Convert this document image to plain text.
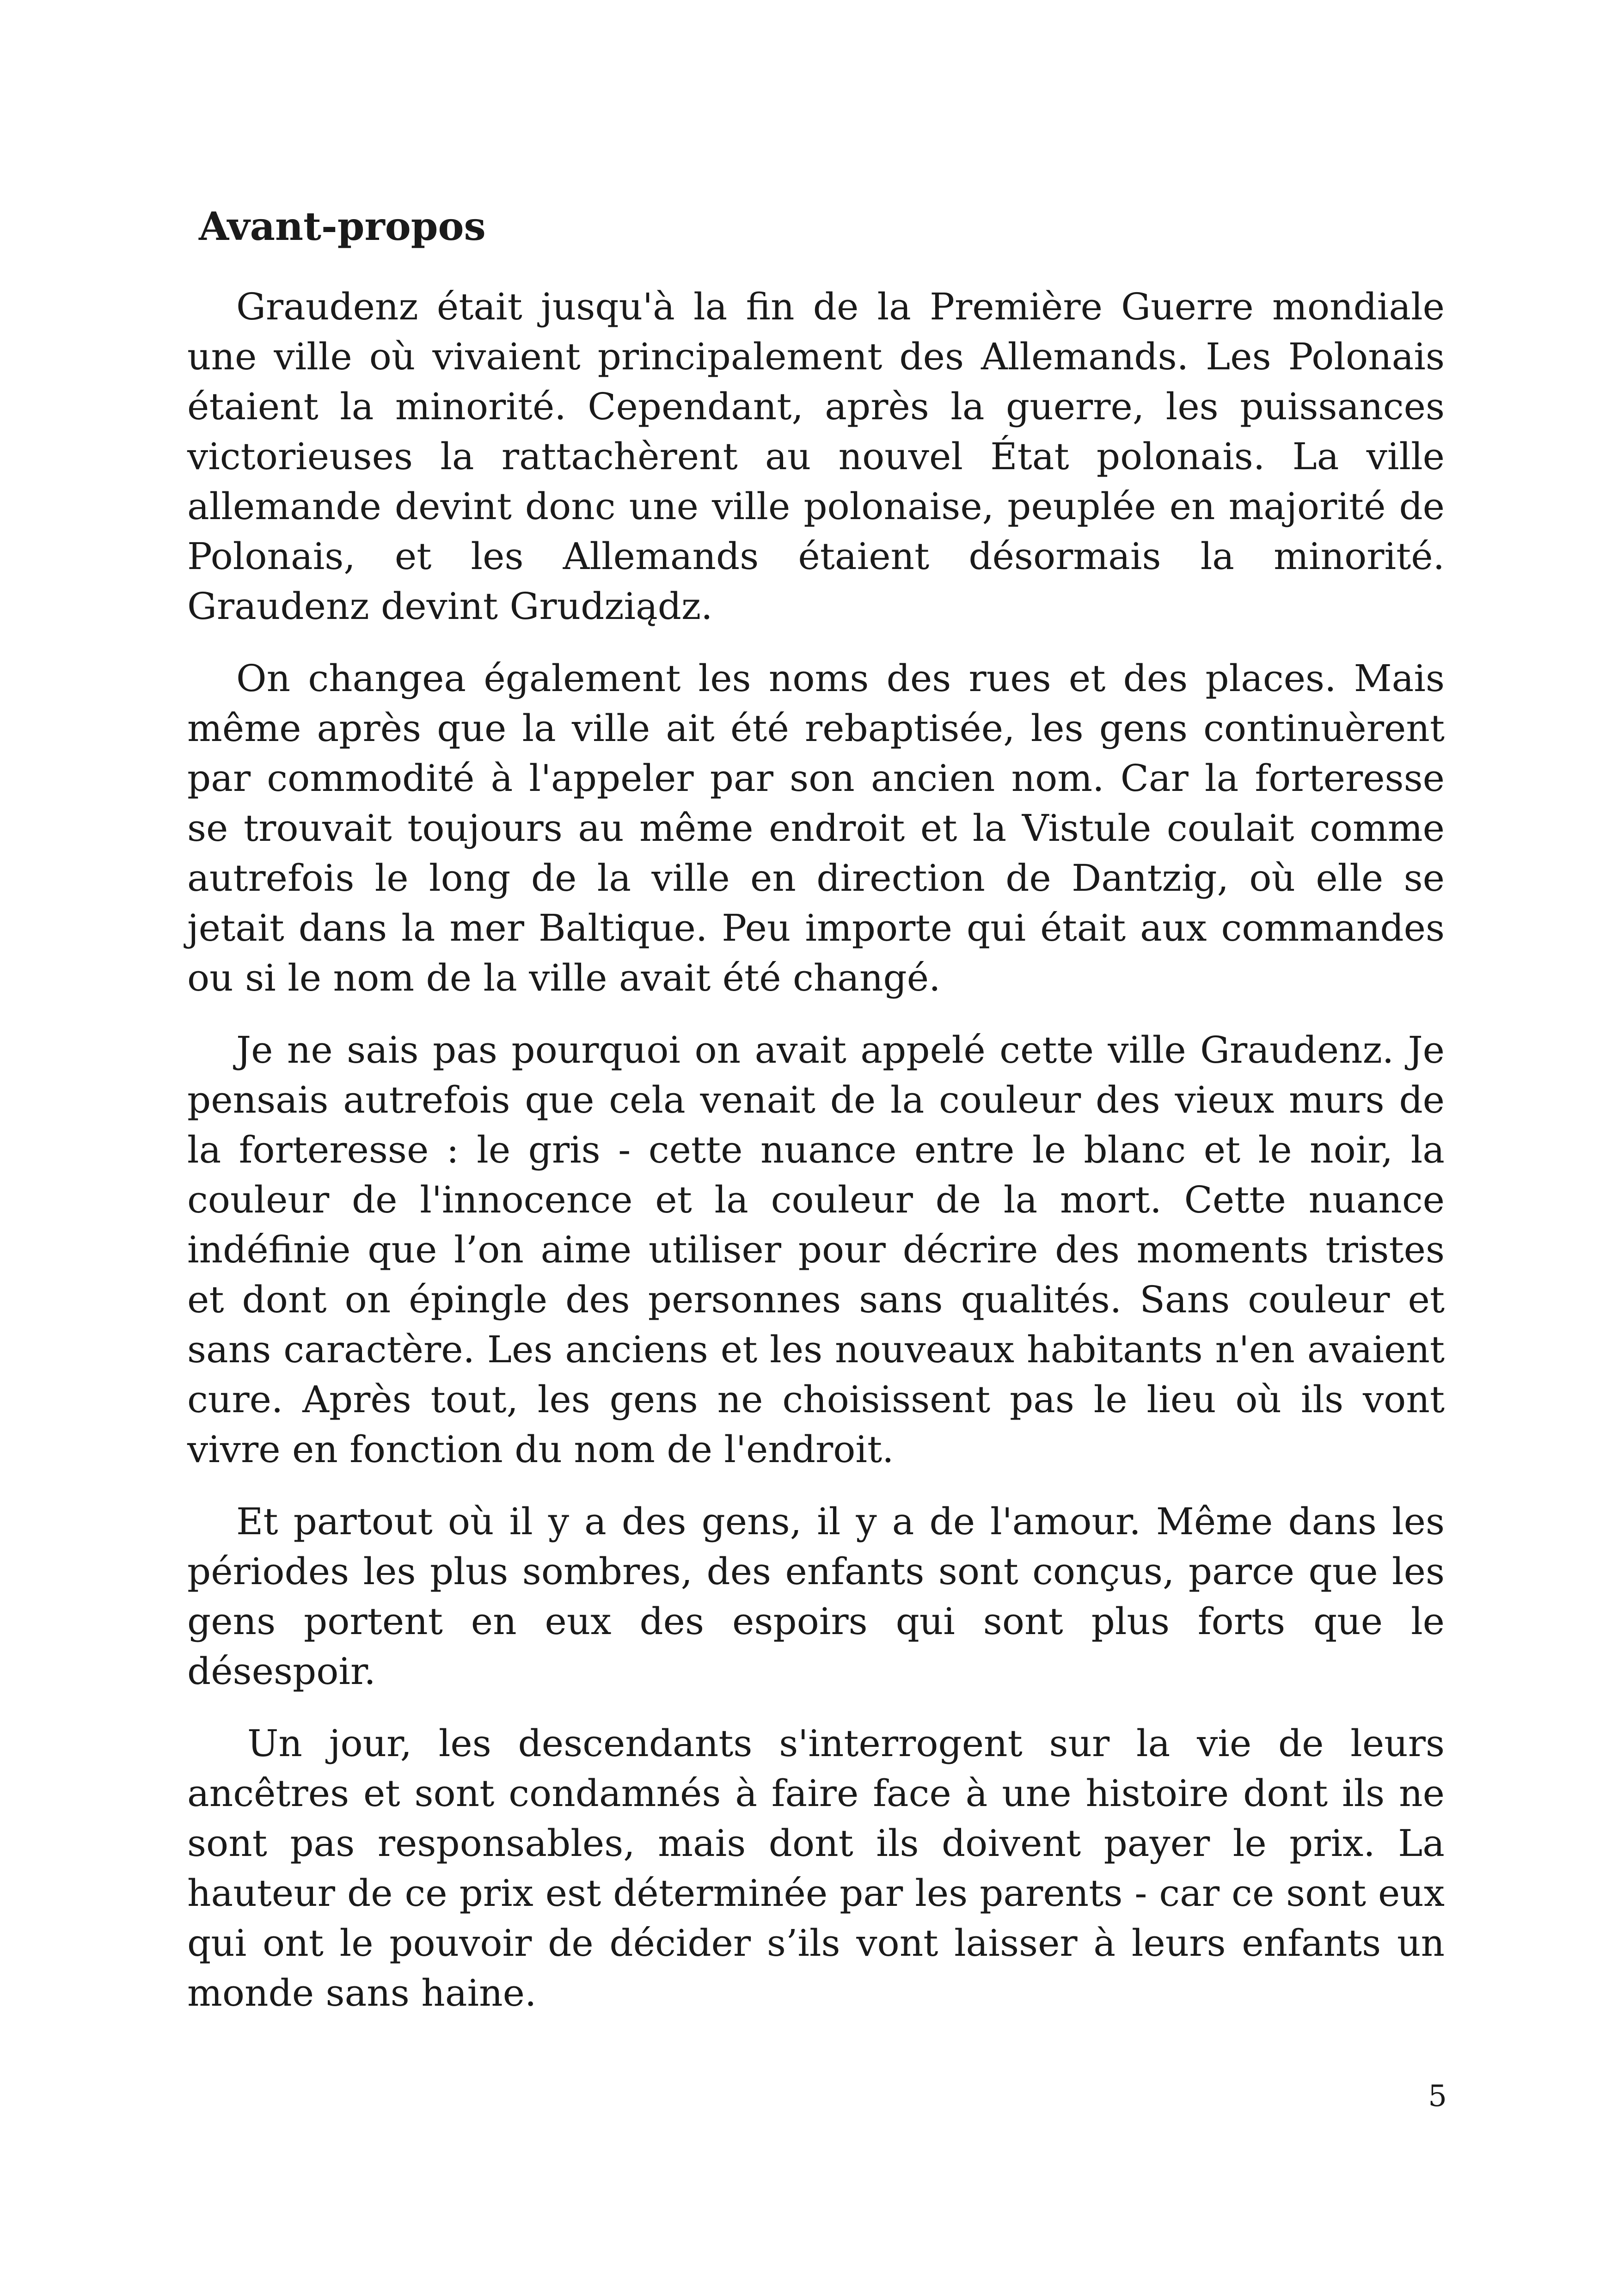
Avant-propos

Graudenz était jusqu'à la fin de la Première Guerre mondiale une ville où vivaient principalement des Allemands. Les Polonais étaient la minorité. Cependant, après la guerre, les puissances victorieuses la rattachèrent au nouvel État polonais. La ville allemande devint donc une ville polonaise, peuplée en majorité de Polonais, et les Allemands étaient désormais la minorité. Graudenz devint Grudziądz.

On changea également les noms des rues et des places. Mais même après que la ville ait été rebaptisée, les gens continuèrent par commodité à l'appeler par son ancien nom. Car la forteresse se trouvait toujours au même endroit et la Vistule coulait comme autrefois le long de la ville en direction de Dantzig, où elle se jetait dans la mer Baltique. Peu importe qui était aux commandes ou si le nom de la ville avait été changé.

Je ne sais pas pourquoi on avait appelé cette ville Graudenz. Je pensais autrefois que cela venait de la couleur des vieux murs de la forteresse : le gris - cette nuance entre le blanc et le noir, la couleur de l'innocence et la couleur de la mort. Cette nuance indéfinie que l’on aime utiliser pour décrire des moments tristes et dont on épingle des personnes sans qualités. Sans couleur et sans caractère. Les anciens et les nouveaux habitants n'en avaient cure. Après tout, les gens ne choisissent pas le lieu où ils vont vivre en fonction du nom de l'endroit.

Et partout où il y a des gens, il y a de l'amour. Même dans les périodes les plus sombres, des enfants sont conçus, parce que les gens portent en eux des espoirs qui sont plus forts que le désespoir.

Un jour, les descendants s'interrogent sur la vie de leurs ancêtres et sont condamnés à faire face à une histoire dont ils ne sont pas responsables, mais dont ils doivent payer le prix. La hauteur de ce prix est déterminée par les parents - car ce sont eux qui ont le pouvoir de décider s’ils vont laisser à leurs enfants un monde sans haine.

5
